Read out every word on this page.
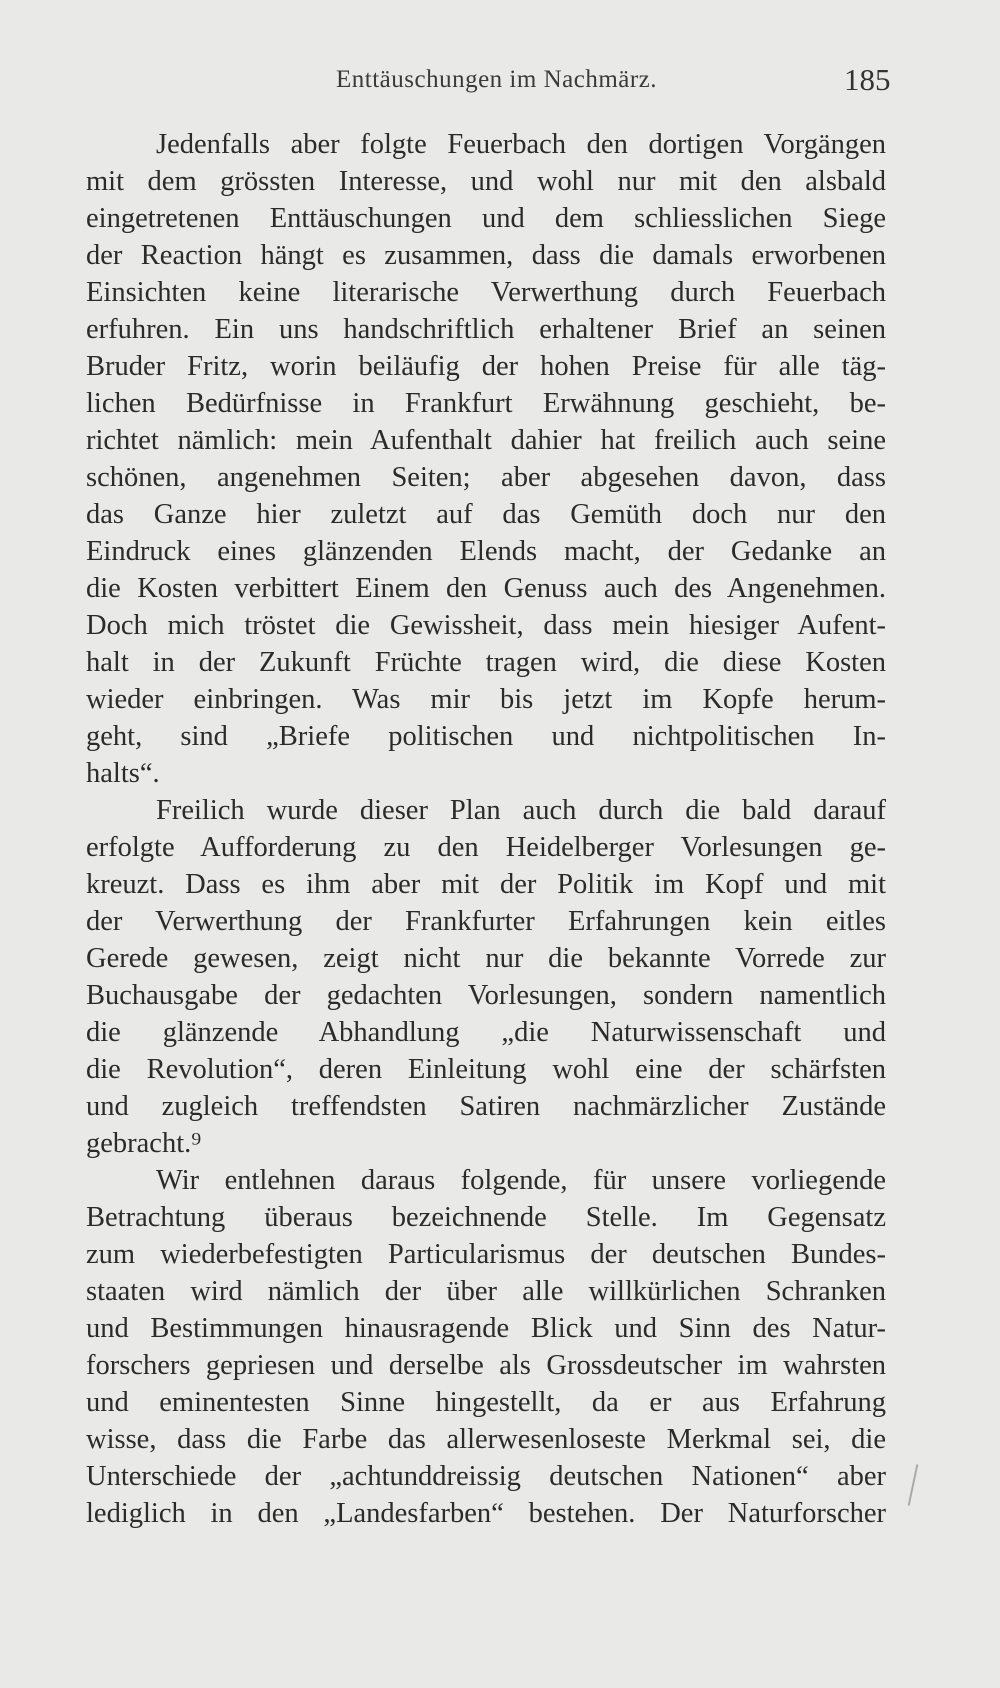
Enttäuschungen im Nachmärz.	185
Jedenfalls aber folgte Feuerbach den dortigen Vorgängen
mit dem grössten Interesse, und wohl nur mit den alsbald
eingetretenen Enttäuschungen und dem schliesslichen Siege
der Reaction hängt es zusammen, dass die damals erworbenen
Einsichten keine literarische Verwerthung durch Feuerbach
erfuhren. Ein uns handschriftlich erhaltener Brief an seinen
Bruder Fritz, worin beiläufig der hohen Preise für alle täg-
lichen Bedürfnisse in Frankfurt Erwähnung geschieht, be-
richtet nämlich: mein Aufenthalt dahier hat freilich auch seine
schönen, angenehmen Seiten; aber abgesehen davon, dass
das Ganze hier zuletzt auf das Gemüth doch nur den
Eindruck eines glänzenden Elends macht, der Gedanke an
die Kosten verbittert Einem den Genuss auch des Angenehmen.
Doch mich tröstet die Gewissheit, dass mein hiesiger Aufent-
halt in der Zukunft Früchte tragen wird, die diese Kosten
wieder einbringen. Was mir bis jetzt im Kopfe herum-
geht, sind „Briefe politischen und nichtpolitischen In-
halts“.
Freilich wurde dieser Plan auch durch die bald darauf
erfolgte Aufforderung zu den Heidelberger Vorlesungen ge-
kreuzt. Dass es ihm aber mit der Politik im Kopf und mit
der Verwerthung der Frankfurter Erfahrungen kein eitles
Gerede gewesen, zeigt nicht nur die bekannte Vorrede zur
Buchausgabe der gedachten Vorlesungen, sondern namentlich
die glänzende Abhandlung „die Naturwissenschaft und
die Revolution“, deren Einleitung wohl eine der schärfsten
und zugleich treffendsten Satiren nachmärzlicher Zustände
gebracht.⁹
Wir entlehnen daraus folgende, für unsere vorliegende
Betrachtung überaus bezeichnende Stelle. Im Gegensatz
zum wiederbefestigten Particularismus der deutschen Bundes-
staaten wird nämlich der über alle willkürlichen Schranken
und Bestimmungen hinausragende Blick und Sinn des Natur-
forschers gepriesen und derselbe als Grossdeutscher im wahrsten
und eminentesten Sinne hingestellt, da er aus Erfahrung
wisse, dass die Farbe das allerwesenloseste Merkmal sei, die
Unterschiede der „achtunddreissig deutschen Nationen“ aber
lediglich in den „Landesfarben“ bestehen. Der Naturforscher
